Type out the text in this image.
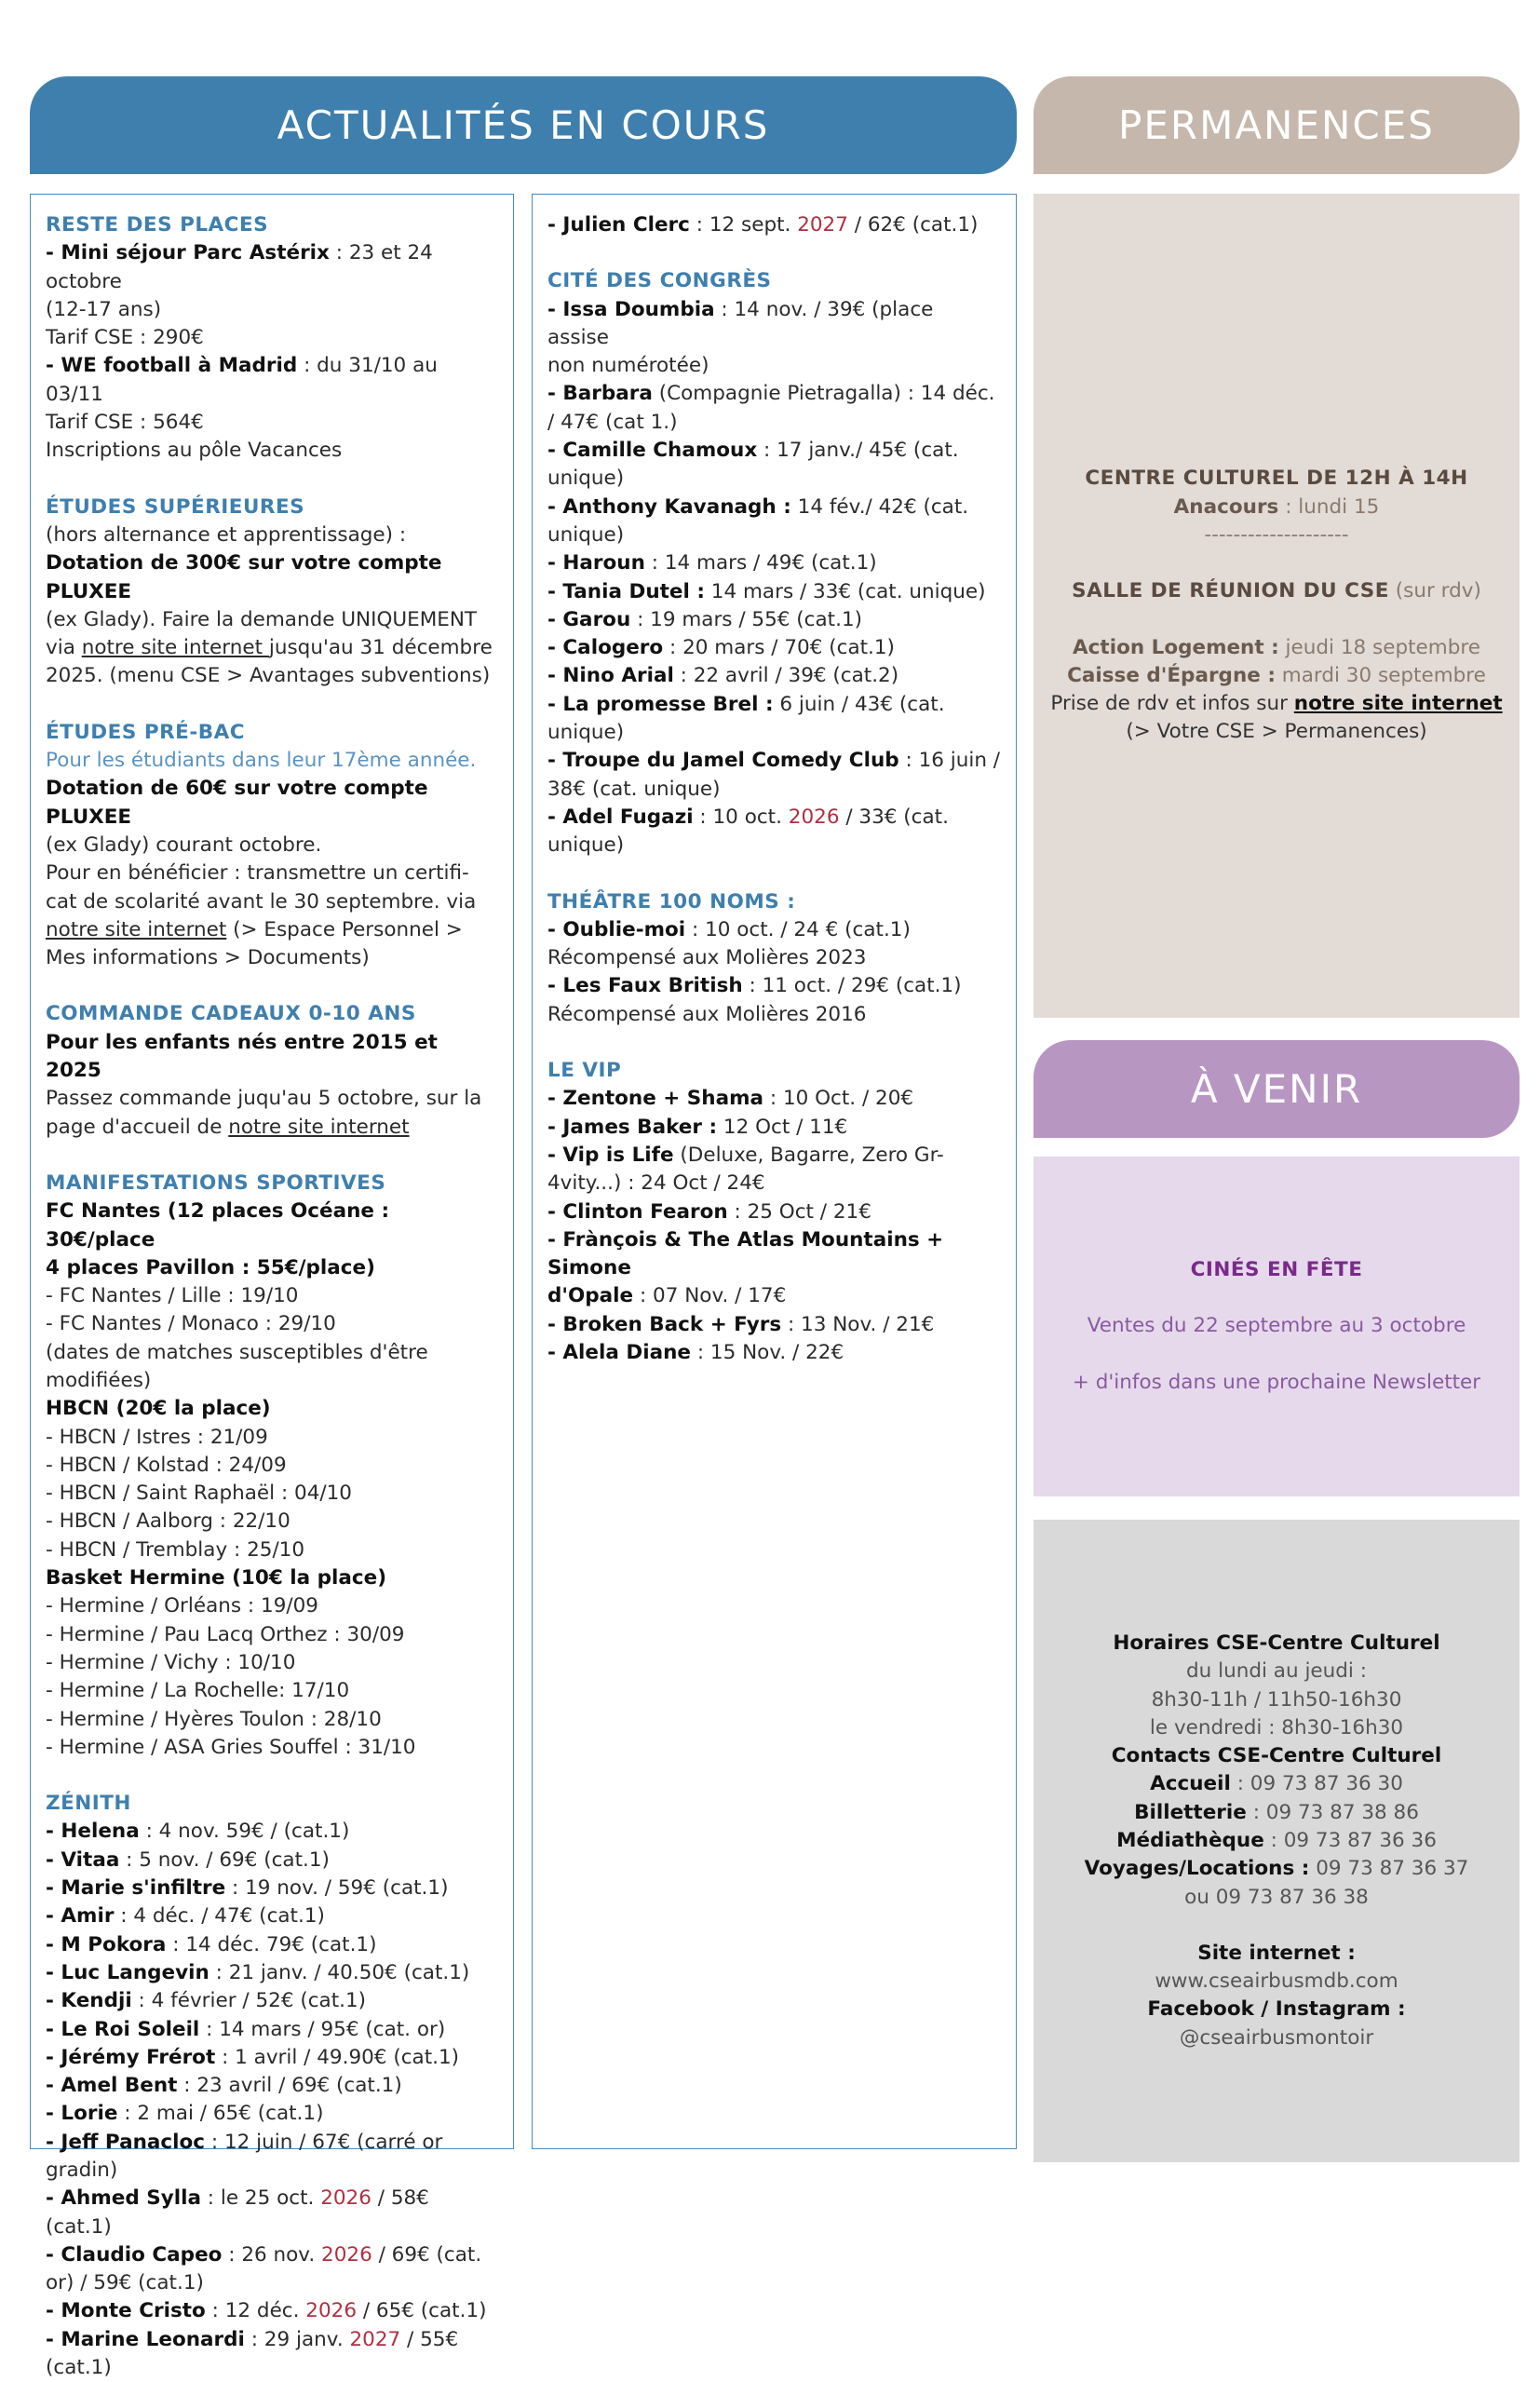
ACTUALITÉS EN COURS	PERMANENCES
À VENIR
RESTE DES PLACES
- Mini séjour Parc Astérix : 23 et 24 octobre
(12-17 ans)
Tarif CSE : 290€
- WE football à Madrid : du 31/10 au 03/11
Tarif CSE : 564€
Inscriptions au pôle Vacances
ÉTUDES SUPÉRIEURES
(hors alternance et apprentissage) :
Dotation de 300€ sur votre compte PLUXEE
(ex Glady). Faire la demande UNIQUEMENT
via notre site internet jusqu'au 31 décembre
2025. (menu CSE > Avantages subventions)
ÉTUDES PRÉ-BAC
Pour les étudiants dans leur 17ème année.
Dotation de 60€ sur votre compte PLUXEE
(ex Glady) courant octobre.
Pour en bénéficier : transmettre un certifi-
cat de scolarité avant le 30 septembre. via
notre site internet (> Espace Personnel >
Mes informations > Documents)
COMMANDE CADEAUX 0-10 ANS
Pour les enfants nés entre 2015 et 2025
Passez commande juqu'au 5 octobre, sur la
page d'accueil de notre site internet
MANIFESTATIONS SPORTIVES
FC Nantes (12 places Océane : 30€/place
4 places Pavillon : 55€/place)
- FC Nantes / Lille : 19/10
- FC Nantes / Monaco : 29/10
(dates de matches susceptibles d'être
modifiées)
HBCN (20€ la place)
- HBCN / Istres : 21/09
- HBCN / Kolstad : 24/09
- HBCN / Saint Raphaël : 04/10
- HBCN / Aalborg : 22/10
- HBCN / Tremblay : 25/10
Basket Hermine (10€ la place)
- Hermine / Orléans : 19/09
- Hermine / Pau Lacq Orthez : 30/09
- Hermine / Vichy : 10/10
- Hermine / La Rochelle: 17/10
- Hermine / Hyères Toulon : 28/10
- Hermine / ASA Gries Souffel : 31/10
ZÉNITH
- Helena : 4 nov. 59€ / (cat.1)
- Vitaa : 5 nov. / 69€ (cat.1)
- Marie s'infiltre : 19 nov. / 59€ (cat.1)
- Amir : 4 déc. / 47€ (cat.1)
- M Pokora : 14 déc. 79€ (cat.1)
- Luc Langevin : 21 janv. / 40.50€ (cat.1)
- Kendji : 4 février / 52€ (cat.1)
- Le Roi Soleil : 14 mars / 95€ (cat. or)
- Jérémy Frérot : 1 avril / 49.90€ (cat.1)
- Amel Bent : 23 avril / 69€ (cat.1)
- Lorie : 2 mai / 65€ (cat.1)
- Jeff Panacloc : 12 juin / 67€ (carré or
gradin)
- Ahmed Sylla : le 25 oct. 2026 / 58€ (cat.1)
- Claudio Capeo : 26 nov. 2026 / 69€ (cat.
or) / 59€ (cat.1)
- Monte Cristo : 12 déc. 2026 / 65€ (cat.1)
- Marine Leonardi : 29 janv. 2027 / 55€
(cat.1)
- Julien Clerc : 12 sept. 2027 / 62€ (cat.1)
CITÉ DES CONGRÈS
- Issa Doumbia : 14 nov. / 39€ (place assise
non numérotée)
- Barbara (Compagnie Pietragalla) : 14 déc.
/ 47€ (cat 1.)
- Camille Chamoux : 17 janv./ 45€ (cat.
unique)
- Anthony Kavanagh : 14 fév./ 42€ (cat.
unique)
- Haroun : 14 mars / 49€ (cat.1)
- Tania Dutel : 14 mars / 33€ (cat. unique)
- Garou : 19 mars / 55€ (cat.1)
- Calogero : 20 mars / 70€ (cat.1)
- Nino Arial : 22 avril / 39€ (cat.2)
- La promesse Brel : 6 juin / 43€ (cat.
unique)
- Troupe du Jamel Comedy Club : 16 juin /
38€ (cat. unique)
- Adel Fugazi : 10 oct. 2026 / 33€ (cat.
unique)
THÉÂTRE 100 NOMS :
- Oublie-moi : 10 oct. / 24 € (cat.1)
Récompensé aux Molières 2023
- Les Faux British : 11 oct. / 29€ (cat.1)
Récompensé aux Molières 2016
LE VIP
- Zentone + Shama : 10 Oct. / 20€
- James Baker : 12 Oct / 11€
- Vip is Life (Deluxe, Bagarre, Zero Gr-
4vity...) : 24 Oct / 24€
- Clinton Fearon : 25 Oct / 21€
- Frànçois & The Atlas Mountains + Simone
d'Opale : 07 Nov. / 17€
- Broken Back + Fyrs : 13 Nov. / 21€
- Alela Diane : 15 Nov. / 22€
CENTRE CULTUREL DE 12H À 14H
Anacours : lundi 15
--------------------
SALLE DE RÉUNION DU CSE (sur rdv)
Action Logement : jeudi 18 septembre
Caisse d'Épargne : mardi 30 septembre
Prise de rdv et infos sur notre site internet
(> Votre CSE > Permanences)
CINÉS EN FÊTE
Ventes du 22 septembre au 3 octobre
+ d'infos dans une prochaine Newsletter
Horaires CSE-Centre Culturel
du lundi au jeudi :
8h30-11h / 11h50-16h30
le vendredi : 8h30-16h30
Contacts CSE-Centre Culturel
Accueil : 09 73 87 36 30
Billetterie : 09 73 87 38 86
Médiathèque : 09 73 87 36 36
Voyages/Locations : 09 73 87 36 37
ou 09 73 87 36 38
Site internet :
www.cseairbusmdb.com
Facebook / Instagram :
@cseairbusmontoir
